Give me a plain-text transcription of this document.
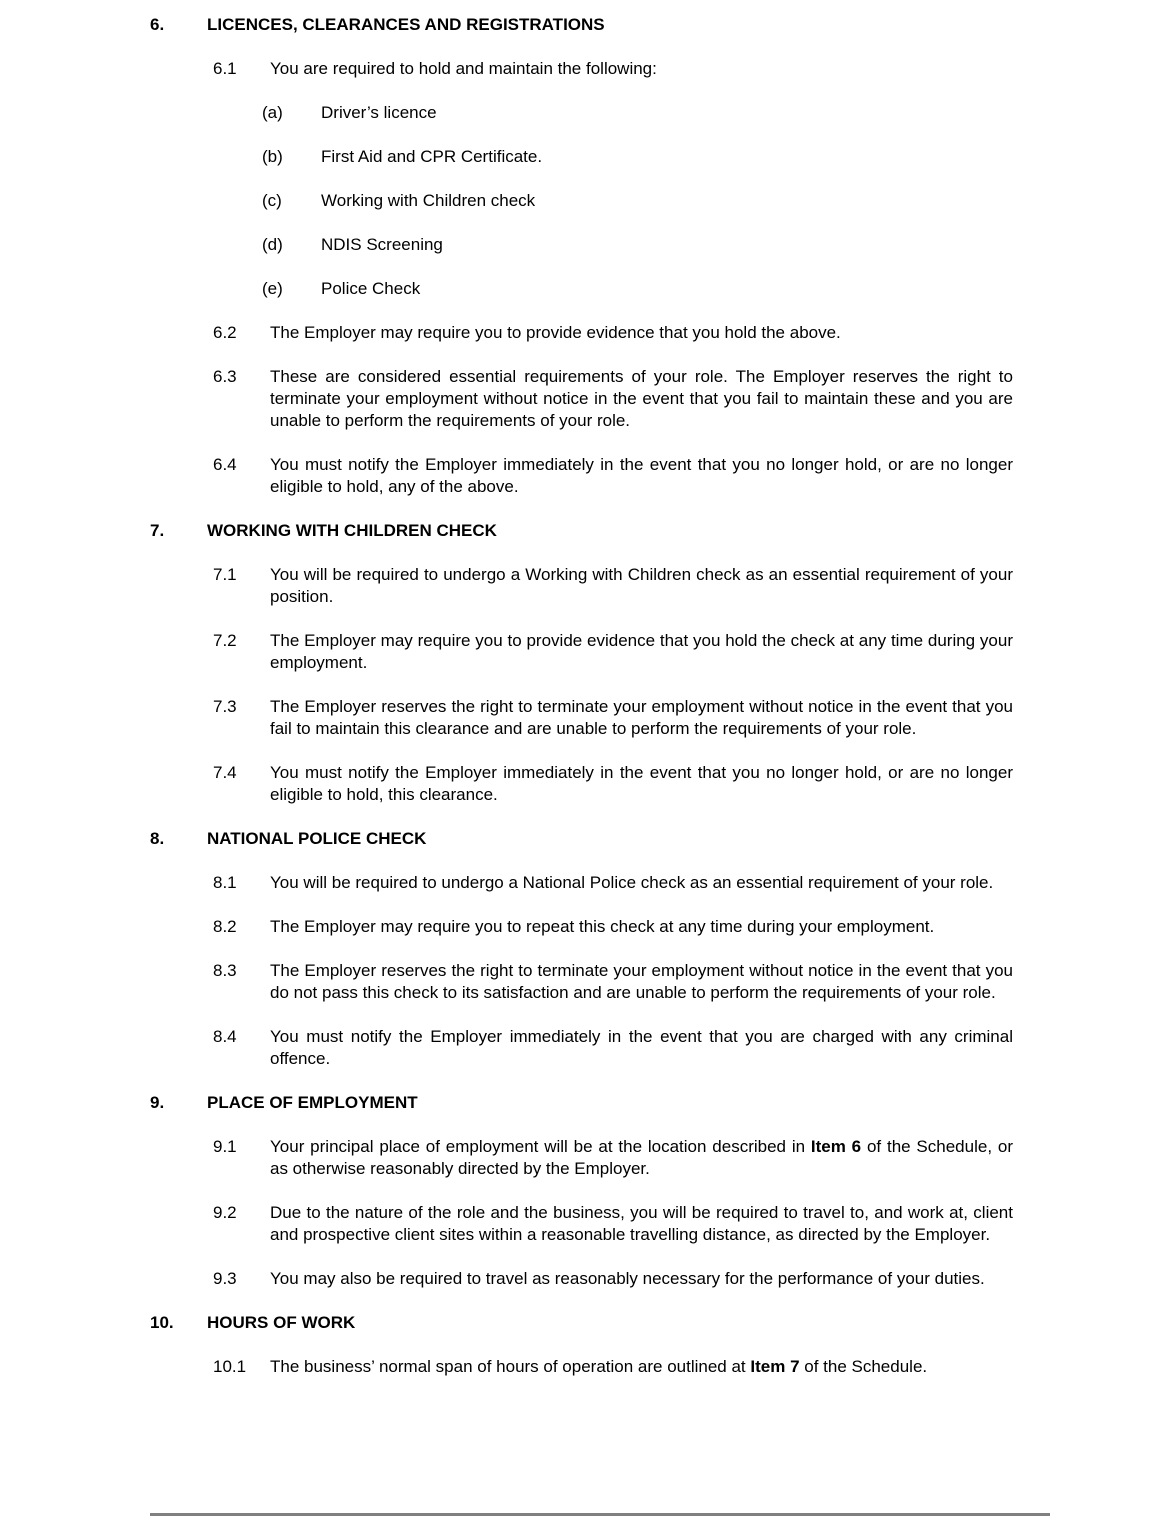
6.	LICENCES, CLEARANCES AND REGISTRATIONS
6.1	You are required to hold and maintain the following:
(a)	Driver’s licence
(b)	First Aid and CPR Certificate.
(c)	Working with Children check
(d)	NDIS Screening
(e)	Police Check
6.2	The Employer may require you to provide evidence that you hold the above.
6.3	These are considered essential requirements of your role. The Employer reserves the right to terminate your employment without notice in the event that you fail to maintain these and you are unable to perform the requirements of your role.
6.4	You must notify the Employer immediately in the event that you no longer hold, or are no longer eligible to hold, any of the above.
7.	WORKING WITH CHILDREN CHECK
7.1	You will be required to undergo a Working with Children check as an essential requirement of your position.
7.2	The Employer may require you to provide evidence that you hold the check at any time during your employment.
7.3	The Employer reserves the right to terminate your employment without notice in the event that you fail to maintain this clearance and are unable to perform the requirements of your role.
7.4	You must notify the Employer immediately in the event that you no longer hold, or are no longer eligible to hold, this clearance.
8.	NATIONAL POLICE CHECK
8.1	You will be required to undergo a National Police check as an essential requirement of your role.
8.2	The Employer may require you to repeat this check at any time during your employment.
8.3	The Employer reserves the right to terminate your employment without notice in the event that you do not pass this check to its satisfaction and are unable to perform the requirements of your role.
8.4	You must notify the Employer immediately in the event that you are charged with any criminal offence.
9.	PLACE OF EMPLOYMENT
9.1	Your principal place of employment will be at the location described in Item 6 of the Schedule, or as otherwise reasonably directed by the Employer.
9.2	Due to the nature of the role and the business, you will be required to travel to, and work at, client and prospective client sites within a reasonable travelling distance, as directed by the Employer.
9.3	You may also be required to travel as reasonably necessary for the performance of your duties.
10.	HOURS OF WORK
10.1	The business’ normal span of hours of operation are outlined at Item 7 of the Schedule.
